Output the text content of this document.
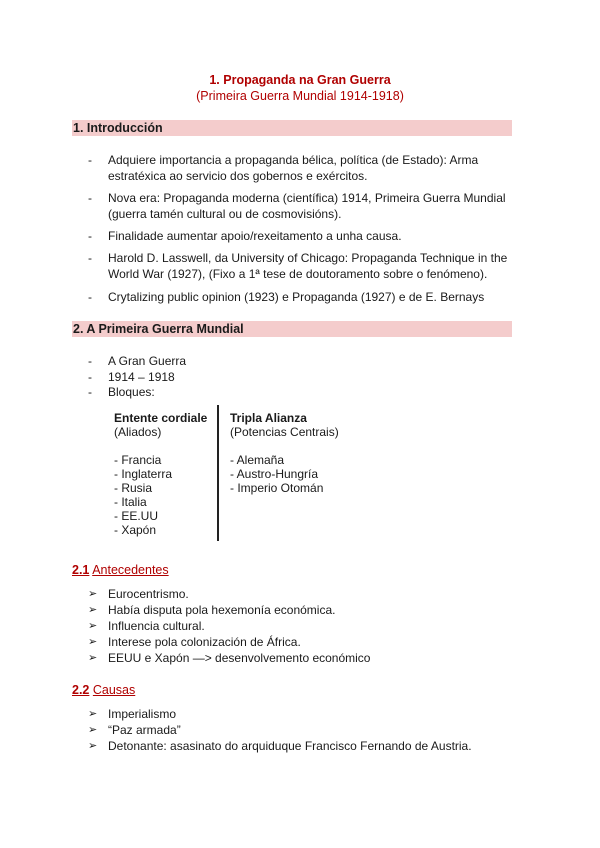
1. Propaganda na Gran Guerra
(Primeira Guerra Mundial 1914-1918)
1. Introducción
- Adquiere importancia a propaganda bélica, política (de Estado): Arma
estratéxica ao servicio dos gobernos e exércitos.
- Nova era: Propaganda moderna (científica) 1914, Primeira Guerra Mundial
(guerra tamén cultural ou de cosmovisións).
- Finalidade aumentar apoio/rexeitamento a unha causa.
- Harold D. Lasswell, da University of Chicago: Propaganda Technique in the
World War (1927), (Fixo a 1ª tese de doutoramento sobre o fenómeno).
- Crytalizing public opinion (1923) e Propaganda (1927) e de E. Bernays
2. A Primeira Guerra Mundial
- A Gran Guerra
- 1914 – 1918
- Bloques:
Entente cordiale
(Aliados)
- Francia
- Inglaterra
- Rusia
- Italia
- EE.UU
- Xapón
Tripla Alianza
(Potencias Centrais)
- Alemaña
- Austro-Hungría
- Imperio Otomán
2.1 Antecedentes
➢ Eurocentrismo.
➢ Había disputa pola hexemonía económica.
➢ Influencia cultural.
➢ Interese pola colonización de África.
➢ EEUU e Xapón —> desenvolvemento económico
2.2 Causas
➢ Imperialismo
➢ “Paz armada”
➢ Detonante: asasinato do arquiduque Francisco Fernando de Austria.
